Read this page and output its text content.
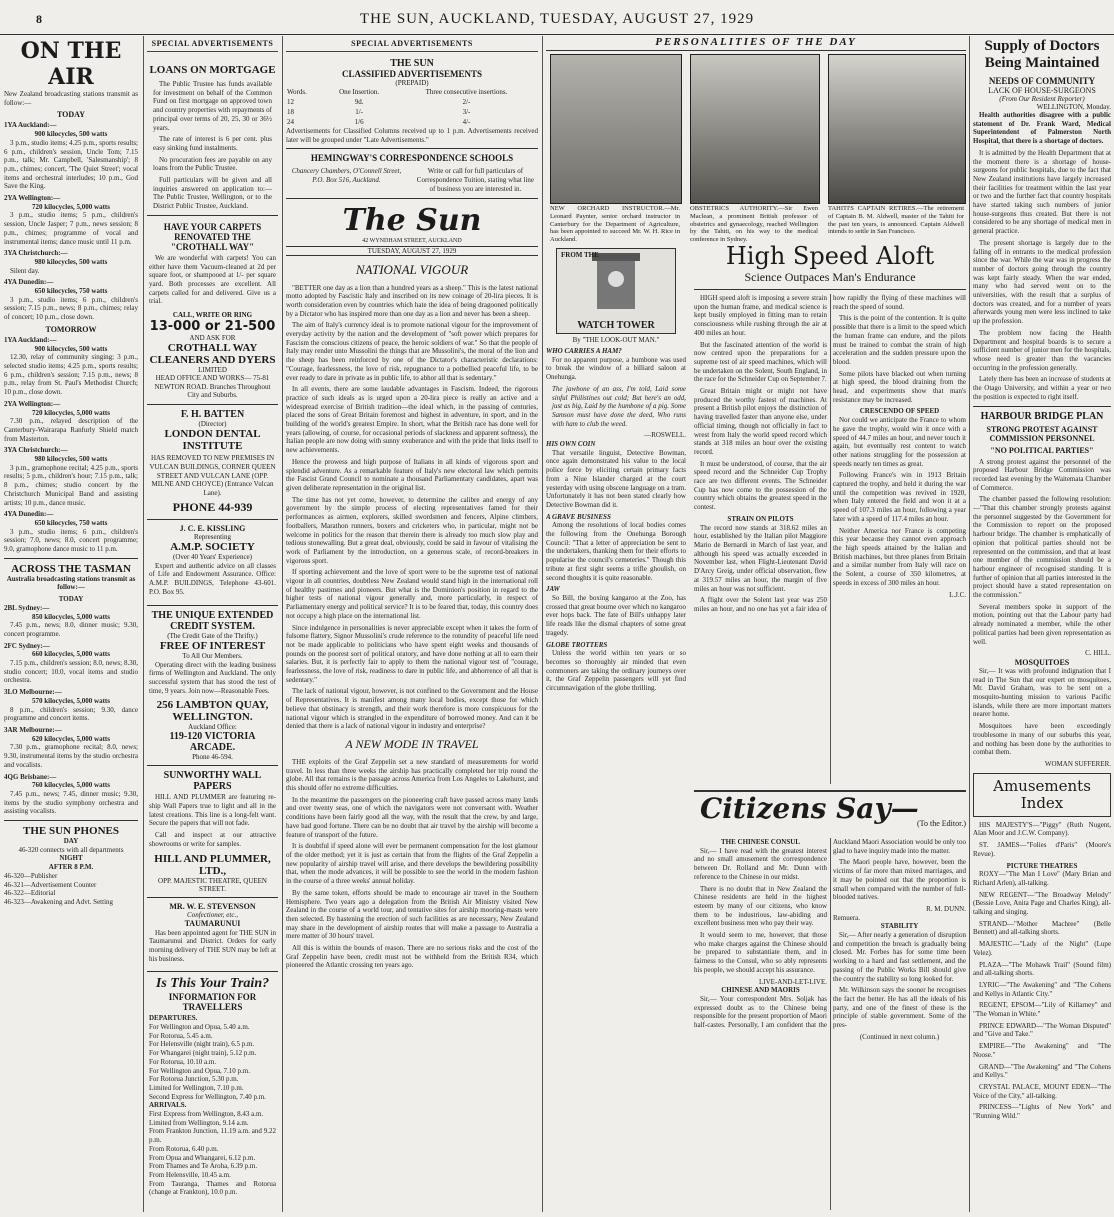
8	THE SUN, AUCKLAND, TUESDAY, AUGUST 27, 1929
ON THE AIR

New Zealand broadcasting stations transmit as follow:—

TODAY
1YA Auckland:—
900 kilocycles, 500 watts

3 p.m., studio items; 4.25 p.m., sports results; 6 p.m., children's session, Uncle Tom; 7.15 p.m., talk; Mr. Campbell, 'Salesmanship'; 8 p.m., chimes; concert, 'The Quiet Street'; vocal items and orchestral interludes; 10 p.m., God Save the King.

2YA Wellington:—
720 kilocycles, 5,000 watts

3 p.m., studio items; 5 p.m., children's session, Uncle Jasper; 7 p.m., news session; 8 p.m., chimes; programme of vocal and instrumental items; dance music until 11 p.m.

3YA Christchurch:—
980 kilocycles, 500 watts

Silent day.

4YA Dunedin:—
650 kilocycles, 750 watts

3 p.m., studio items; 6 p.m., children's session; 7.15 p.m., news; 8 p.m., chimes; relay of concert; 10 p.m., close down.

TOMORROW
1YA Auckland:—
900 kilocycles, 500 watts

12.30, relay of community singing; 3 p.m., selected studio items; 4.25 p.m., sports results; 6 p.m., children's session; 7.15 p.m., news; 8 p.m., relay from St. Paul's Methodist Church; 10 p.m., close down.

2YA Wellington:—
720 kilocycles, 5,000 watts

7.30 p.m., relayed description of the Canterbury-Wairarapa Ranfurly Shield match from Masterton.

3YA Christchurch:—
980 kilocycles, 500 watts

3 p.m., gramophone recital; 4.25 p.m., sports results; 5 p.m., children's hour; 7.15 p.m., talk; 8 p.m., chimes; studio concert by the Christchurch Municipal Band and assisting artists; 10 p.m., dance music.

4YA Dunedin:—
650 kilocycles, 750 watts

3 p.m., studio items; 6 p.m., children's session; 7.0, news; 8.0, concert programme; 9.0, gramophone dance music to 11 p.m.

ACROSS THE TASMAN

Australia broadcasting stations transmit as follow:—

TODAY
2BL Sydney:—
850 kilocycles, 5,000 watts

7.45 p.m., news; 8.0, dinner music; 9.30, concert programme.

2FC Sydney:—
660 kilocycles, 5,000 watts

7.15 p.m., children's session; 8.0, news; 8.30, studio concert; 10.0, vocal items and studio orchestra.

3LO Melbourne:—
570 kilocycles, 5,000 watts

8 p.m., children's session; 9.30, dance programme and concert items.

3AR Melbourne:—
620 kilocycles, 5,000 watts

7.30 p.m., gramophone recital; 8.0, news; 9.30, instrumental items by the studio orchestra and vocalists.

4QG Brisbane:—
760 kilocycles, 5,000 watts

7.45 p.m., news; 7.45, dinner music; 9.30, items by the studio symphony orchestra and assisting vocalists.

THE SUN PHONES
DAY
46-320 connects with all departments
NIGHT
AFTER 8 P.M.
46-320—Publisher
46-321—Advertisement Counter
46-322—Editorial
46-323—Awakening and Advt. Setting
SPECIAL ADVERTISEMENTS
LOANS ON MORTGAGE

The Public Trustee has funds available for investment on behalf of the Common Fund on first mortgage on approved town and country properties with repayments of principal over terms of 20, 25, 30 or 36½ years.

The rate of interest is 6 per cent. plus easy sinking fund instalments.

No procuration fees are payable on any loans from the Public Trustee.

Full particulars will be given and all inquiries answered on application to:— The Public Trustee, Wellington, or to the District Public Trustee, Auckland.

HAVE YOUR CARPETS RENOVATED THE "CROTHALL WAY"

We are wonderful with carpets! You can either have them Vacuum-cleaned at 2d per square foot, or shampooed at 1/- per square yard. Both processes are excellent. All carpets called for and delivered. Give us a trial.

CALL, WRITE OR RING
13-000 or 21-500
AND ASK FOR
CROTHALL WAY CLEANERS AND DYERS
LIMITED
HEAD OFFICE AND WORKS— 75-81 NEWTON ROAD. Branches Throughout City and Suburbs.
F. H. BATTEN
(Director)
LONDON DENTAL INSTITUTE
HAS REMOVED TO NEW PREMISES IN VULCAN BUILDINGS, CORNER QUEEN STREET AND VULCAN LANE (OPP. MILNE AND CHOYCE) (Entrance Vulcan Lane).
PHONE 44-939
J. C. E. KISSLING
Representing
A.M.P. SOCIETY
(Over 40 Years' Experience)

Expert and authentic advice on all classes of Life and Endowment Assurance. Office: A.M.P. BUILDINGS, Telephone 43-601. P.O. Box 95.

THE UNIQUE EXTENDED CREDIT SYSTEM.
(The Credit Gate of the Thrifty.)
FREE OF INTEREST
To All Our Members.

Operating direct with the leading business firms of Wellington and Auckland. The only successful system that has stood the test of time, 9 years. Join now—Reasonable Fees.

256 LAMBTON QUAY, WELLINGTON.
Auckland Office:
119-120 VICTORIA ARCADE.
Phone 46-594.
SUNWORTHY WALL PAPERS

HILL AND PLUMMER are featuring re-ship Wall Papers true to light and all in the latest creations. This line is a long-felt want. Secure the papers that will not fade.

Call and inspect at our attractive showrooms or write for samples.

HILL AND PLUMMER, LTD.,
OPP. MAJESTIC THEATRE, QUEEN STREET.
MR. W. E. STEVENSON
Confectioner, etc.,
TAUMARUNUI

Has been appointed agent for THE SUN in Taumarunui and District. Orders for early morning delivery of THE SUN may be left at his business.

Is This Your Train?
INFORMATION FOR TRAVELLERS
DEPARTURES.
For Wellington and Opua, 5.40 a.m.
For Rotorua, 5.45 a.m.
For Helensville (night train), 6.5 p.m.
For Whangarei (night train), 5.12 p.m.
For Rotorua, 10.10 a.m.
For Wellington and Opua, 7.10 p.m.
For Rotorua Junction, 5.30 p.m.
Limited for Wellington, 7.10 p.m.
Second Express for Wellington, 7.40 p.m.
ARRIVALS.
First Express from Wellington, 8.43 a.m.
Limited from Wellington, 9.14 a.m.
From Frankton Junction, 11.19 a.m. and 9.22 p.m.
From Rotorua, 6.40 p.m.
From Opua and Whangarei, 6.12 p.m.
From Thames and Te Aroha, 6.39 p.m.
From Helensville, 10.45 a.m.
From Tauranga, Thames and Rotorua (change at Frankton), 10.0 p.m.
SPECIAL ADVERTISEMENTS
THE SUN
CLASSIFIED ADVERTISEMENTS
(PREPAID)
Words.	One Insertion.	Three consecutive insertions.
12	9d.	2/-
18	1/-	3/-
24	1/6	4/-

Advertisements for Classified Columns received up to 1 p.m. Advertisements received later will be grouped under "Late Advertisements."

HEMINGWAY'S CORRESPONDENCE SCHOOLS
Chancery Chambers, O'Connell Street, P.O. Box 516, Auckland.
Write or call for full particulars of Correspondence Tuition, stating what line of business you are interested in.
The Sun
42 WYNDHAM STREET, AUCKLAND
TUESDAY, AUGUST 27, 1929
NATIONAL VIGOUR

"BETTER one day as a lion than a hundred years as a sheep." This is the latest national motto adopted by Fascistic Italy and inscribed on its new coinage of 20-lira pieces. It is worth consideration even by countries which hate the idea of being dragooned politically by a Dictator who has inspired more than one day as a lion and never has been a sheep.

The aim of Italy's currency ideal is to promote national vigour for the improvement of everyday activity by the nation and the development of "soft power which prepares for Fascism the conscious citizens of peace, the heroic soldiers of war." So that the people of Italy may render unto Mussolini the things that are Mussolini's, the moral of the lion and the sheep has been reinforced by one of the Dictator's characteristic declarations: "Courage, fearlessness, the love of risk, repugnance to a potbellied peaceful life, to be ever ready to dare in private as in public life, to abhor all that is sedentary."

In all events, there are some laudable advantages in Fascism. Indeed, the rigorous practice of such ideals as is urged upon a 20-lira piece is really an active and a widespread exercise of British tradition—the ideal which, in the passing of centuries, placed the sons of Great Britain foremost and highest in adventure, in sport, and in the building of the world's greatest Empire. In short, what the British race has done well for years (allowing, of course, for occasional periods of slackness and apparent softness), the Italian people are now doing with sunny exuberance and with the pride that links itself to new achievements.

Hence the prowess and high purpose of Italians in all kinds of vigorous sport and splendid adventure. As a remarkable feature of Italy's new electoral law which permits the Fascist Grand Council to nominate a thousand Parliamentary candidates, apart was given deliberate representation in the original list.

The time has not yet come, however, to determine the calibre and energy of any government by the simple process of electing representatives famed for their performances as airmen, explorers, skilled swordsmen and fencers, Alpine climbers, footballers, Marathon runners, boxers and cricketers who, in particular, might not be welcome in politics for the reason that therein there is already too much slow play and tedious stonewalling. But a great deal, obviously, could be said in favour of vitalising the work of Parliament by the introduction, on a generous scale, of record-breakers in vigorous sport.

If sporting achievement and the love of sport were to be the supreme test of national vigour in all countries, doubtless New Zealand would stand high in the international roll of healthy pastimes and pioneers. But what is the Dominion's position in regard to the higher tests of national vigour generally and, more particularly, in respect of Parliamentary energy and political service? It is to be feared that, today, this country does not occupy a high place on the international list.

Since indulgence in personalities is never appreciable except when it takes the form of fulsome flattery, Signor Mussolini's crude reference to the rotundity of peaceful life need not be made applicable to politicians who have spent eight weeks and thousands of pounds on the poorest sort of political oratory, and have done nothing at all to earn their salaries. But, it is perfectly fair to apply to them the national vigour test of "courage, fearlessness, the love of risk, readiness to dare in public life, and abhorrence of all that is sedentary."

The lack of national vigour, however, is not confined to the Government and the House of Representatives. It is manifest among many local bodies, except those for which believe that obstinacy is strength, and their work therefore is more conspicuous for the national vigour which is strangled in the expenditure of borrowed money. And can it be denied that there is a lack of national vigour in industry and enterprise?

A NEW MODE IN TRAVEL

THE exploits of the Graf Zeppelin set a new standard of measurements for world travel. In less than three weeks the airship has practically completed her trip round the globe. All that remains is the passage across America from Los Angeles to Lakehurst, and this should offer no extreme difficulties.

In the meantime the passengers on the pioneering craft have passed across many lands and over twenty seas, one of which the navigators were not conversant with. Weather conditions have been fairly good all the way, with the result that the crew, by and large, have had good fortune. There can be no doubt that air travel by the airship will become a feature of transport of the future.

It is doubtful if speed alone will ever be permanent compensation for the lost glamour of the older method; yet it is just as certain that from the flights of the Graf Zeppelin a new popularity of airship travel will arise, and there develops the bewildering possibility that, when the mode advances, it will be possible to see the world in the modern fashion in the course of a three weeks' annual holiday.

By the same token, efforts should be made to encourage air travel in the Southern Hemisphere. Two years ago a delegation from the British Air Ministry visited New Zealand in the course of a world tour, and tentative sites for airship mooring-masts were then selected. By hastening the erection of such facilities as are necessary, New Zealand may share in the development of airship routes that will make a passage to Australia a mere matter of 30 hours' travel.

All this is within the bounds of reason. There are no serious risks and the cost of the Graf Zeppelin have been, credit must not be withheld from the British R34, which pioneered the Atlantic crossing ten years ago.

PERSONALITIES OF THE DAY
NEW ORCHARD INSTRUCTOR.—Mr. Leonard Paynter, senior orchard instructor in Canterbury for the Department of Agriculture, has been appointed to succeed Mr. W. H. Rice in Auckland.
OBSTETRICS AUTHORITY.—Sir Ewen Maclean, a prominent British professor of obstetrics and gynaecology, reached Wellington by the Tahiti, on his way to the medical conference in Sydney.
TAHITI'S CAPTAIN RETIRES.—The retirement of Captain B. M. Aldwell, master of the Tahiti for the past ten years, is announced. Captain Aldwell intends to settle in San Francisco.
FROM THE
WATCH TOWER
By "THE LOOK-OUT MAN."
WHO CARRIES A HAM?

For no apparent purpose, a humbone was used to break the window of a billiard saloon at Onehunga.

The jawbone of an ass, I'm told, Laid some sinful Philistines out cold; But here's an odd, just as big, Laid by the humbone of a pig. Some Samson must have done the deed, Who runs with ham to club the weed.

—ROSWELL.
HIS OWN COIN

That versatile linguist, Detective Bowman, once again demonstrated his value to the local police force by eliciting certain primary facts from a Niue Islander charged at the court yesterday with using obscene language on a tram. Unfortunately it has not been stated clearly how Detective Bowman did it.

A GRAVE BUSINESS

Among the resolutions of local bodies comes the following from the Onehunga Borough Council: "That a letter of appreciation be sent to the undertakers, thanking them for their efforts to popularise the council's cemeteries." Though this tribute at first sight seems a trifle ghoulish, on second thoughts it is quite reasonable.

JAW

So Bill, the boxing kangaroo at the Zoo, has crossed that great bourne over which no kangaroo ever hops back. The fate of Bill's unhappy later life reads like the dismal chapters of some great tragedy.

GLOBE TROTTERS

Unless the world within ten years or so becomes so thoroughly air minded that even commoners are taking the ordinary journeys over it, the Graf Zeppelin passengers will yet find circumnavigation of the globe thrilling.

High Speed Aloft
Science Outpaces Man's Endurance

HIGH speed aloft is imposing a severe strain upon the human frame, and medical science is kept busily employed in fitting man to retain consciousness while rushing through the air at 400 miles an hour.

But the fascinated attention of the world is now centred upon the preparations for a supreme test of air speed machines, which will be undertaken on the Solent, South England, in the race for the Schneider Cup on September 7.

Great Britain might or might not have produced the worthy fastest of machines. At present a British pilot enjoys the distinction of having travelled faster than anyone else, under official timing, though not officially in fact to wrest from Italy the world speed record which stands at 318 miles an hour over the existing record.

It must be understood, of course, that the air speed record and the Schneider Cup Trophy race are two different events. The Schneider Cup has now come to the possession of the country which obtains the greatest speed in the contest.

STRAIN ON PILOTS

The record now stands at 318.62 miles an hour, established by the Italian pilot Maggiore Mario de Bernardi in March of last year, and although his speed was actually exceeded in November last, when Flight-Lieutenant David D'Arcy Greig, under official observation, flew at 319.57 miles an hour, the margin of five miles an hour was not sufficient.

A flight over the Solent last year was 250 miles an hour, and no one has yet a fair idea of how rapidly the flying of these machines will reach the speed of sound.

This is the point of the contention. It is quite possible that there is a limit to the speed which the human frame can endure, and the pilots must be trained to combat the strain of high acceleration and the sudden pressure upon the blood.

Some pilots have blacked out when turning at high speed, the blood draining from the head, and experiments show that man's resistance may be increased.

CRESCENDO OF SPEED

Nor could we anticipate the France to whom he gave the trophy, would win it once with a speed of 44.7 miles an hour, and never touch it again, but eventually rest content to watch other nations struggling for the possession at speeds nearly ten times as great.

Following France's win in 1913 Britain captured the trophy, and held it during the war until the competition was revived in 1920, when Italy entered the field and won it at a speed of 107.3 miles an hour, following a year later with a speed of 117.4 miles an hour.

Neither America nor France is competing this year because they cannot even approach the high speeds attained by the Italian and British machines, but three planes from Britain and a similar number from Italy will race on the Solent, a course of 350 kilometres, at speeds in excess of 300 miles an hour.

L.J.C.
Citizens Say—
(To the Editor.)
THE CHINESE CONSUL

Sir,— I have read with the greatest interest and no small amusement the correspondence between Dr. Rolland and Mr. Dunn with reference to the Chinese in our midst.

There is no doubt that in New Zealand the Chinese residents are held in the highest esteem by many of our citizens, who know them to be industrious, law-abiding and excellent business men who pay their way.

It would seem to me, however, that those who make charges against the Chinese should be prepared to substantiate them, and in fairness to the Consul, who so ably represents his people, we should accept his assurance.

LIVE-AND-LET-LIVE.
CHINESE AND MAORIS

Sir,— Your correspondent Mrs. Soljak has expressed doubt as to the Chinese being responsible for the present proportion of Maori half-castes. Personally, I am confident that the Auckland Maori Association would be only too glad to have inquiry made into the matter.

The Maori people have, however, been the victims of far more than mixed marriages, and it may be pointed out that the proportion is small when compared with the number of full-blooded natives.

R. M. DUNN.
Remuera.
STABILITY

Sir,— After nearly a generation of disruption and competition the breach is gradually being closed. Mr. Forbes has for some time been working to a hard and fast settlement, and the passing of the Public Works Bill should give the country the stability so long looked for.

Mr. Wilkinson says the sooner he recognises the fact the better. He has all the ideals of his party, and one of the finest of these is the principle of stable government. Some of the pres-

(Continued in next column.)
Supply of Doctors Being Maintained
NEEDS OF COMMUNITY
LACK OF HOUSE-SURGEONS
(From Our Resident Reporter)
WELLINGTON, Monday.

Health authorities disagree with a public statement of Dr. Frank Ward, Medical Superintendent of Palmerston North Hospital, that there is a shortage of doctors.

It is admitted by the Health Department that at the moment there is a shortage of house-surgeons for public hospitals, due to the fact that New Zealand institutions have largely increased their facilities for treatment within the last year or two and the further fact that country hospitals have started taking such numbers of junior house-surgeons thus created. But there is not considered to be any shortage of medical men in general practice.

The present shortage is largely due to the falling off in entrants to the medical profession since the war. While the war was in progress the number of doctors going through the country was kept fairly steady. When the war ended, many who had served went on to the universities, with the result that a surplus of doctors was created, and for a number of years afterwards young men were less inclined to take up the profession.

The problem now facing the Health Department and hospital boards is to secure a sufficient number of junior men for the hospitals, whose need is greater than the vacancies occurring in the profession generally.

Lately there has been an increase of students at the Otago University, and within a year or two the position is expected to right itself.

HARBOUR BRIDGE PLAN
STRONG PROTEST AGAINST COMMISSION PERSONNEL
"NO POLITICAL PARTIES"

A strong protest against the personnel of the proposed Harbour Bridge Commission was recorded last evening by the Waitemata Chamber of Commerce.

The chamber passed the following resolution:—"That this chamber strongly protests against the personnel suggested by the Government for the Commission to report on the proposed harbour bridge. The chamber is emphatically of opinion that political parties should not be represented on the commission, and that at least one member of the commission should be a harbour engineer of recognised standing. It is further of opinion that all parties interested in the project should have a stated representation on the commission."

Several members spoke in support of the motion, pointing out that the Labour party had already nominated a member, while the other political parties had been given representation as well.

C. HILL.
MOSQUITOES

Sir,— It was with profound indignation that I read in The Sun that our expert on mosquitoes, Mr. David Graham, was to be sent on a mosquito-hunting mission to various Pacific islands, while there are more important matters nearer home.

Mosquitoes have been exceedingly troublesome in many of our suburbs this year, and nothing has been done by the authorities to combat them.

WOMAN SUFFERER.
Amusements Index

HIS MAJESTY'S—"Piggy" (Ruth Nugent, Alan Moor and J.C.W. Company).

ST. JAMES—"Folies d'Paris" (Moore's Revue).

PICTURE THEATRES

ROXY—"The Man I Love" (Mary Brian and Richard Arlen), all-talking.

NEW REGENT—"The Broadway Melody" (Bessie Love, Anita Page and Charles King), all-talking and singing.

STRAND—"Mother Machree" (Belle Bennett) and all-talking shorts.

MAJESTIC—"Lady of the Night" (Lupe Velez).

PLAZA—"The Mohawk Trail" (Sound film) and all-talking shorts.

LYRIC—"The Awakening" and "The Cohens and Kellys in Atlantic City."

REGENT, EPSOM—"Lily of Killarney" and "The Woman in White."

PRINCE EDWARD—"The Woman Disputed" and "Give and Take."

EMPIRE—"The Awakening" and "The Noose."

GRAND—"The Awakening" and "The Cohens and Kellys."

CRYSTAL PALACE, MOUNT EDEN—"The Voice of the City," all-talking.

PRINCESS—"Lights of New York" and "Running Wild."
